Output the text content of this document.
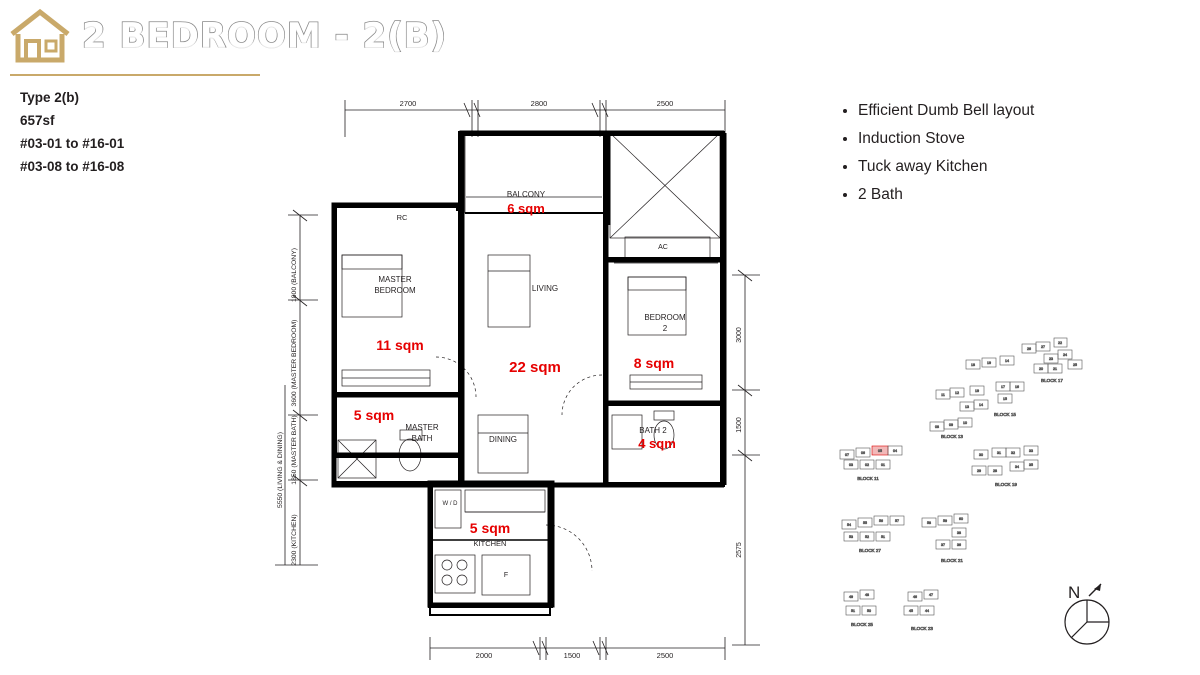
2 BEDROOM - 2(B)
Type 2(b)
657sf
#03-01 to #16-01
#03-08 to #16-08
• Efficient Dumb Bell layout
• Induction Stove
• Tuck away Kitchen
• 2 Bath
2700	2800	2500
1800 (BALCONY)
3600 (MASTER BEDROOM)
1850 (MASTER BATH)
2300 (KITCHEN)
5550 (LIVING & DINING)
3000
1500
2575
2000	1500	2500
BALCONY
6 sqm
MASTER
BEDROOM
11 sqm
LIVING
22 sqm
BEDROOM
2
8 sqm
MASTER
BATH
5 sqm
BATH 2
4 sqm
DINING
5 sqm
KITCHEN
RC
AC
W / D
F
26	27
22
18	19	14	23
24
20	21
25
BLOCK 17
11	12	19
17	16
15
13	14
BLOCK 15
08	09	10
BLOCK 13
07	06	05	04
03	02	01
BLOCK 11
30	31	32	33
29	28
34	35
BLOCK 19
54	55	56	57
53	52	51
BLOCK 27
58	59	60
38
37	36
BLOCK 21
49	48
51	50
BLOCK 25
46	47
45	44
BLOCK 23
N
